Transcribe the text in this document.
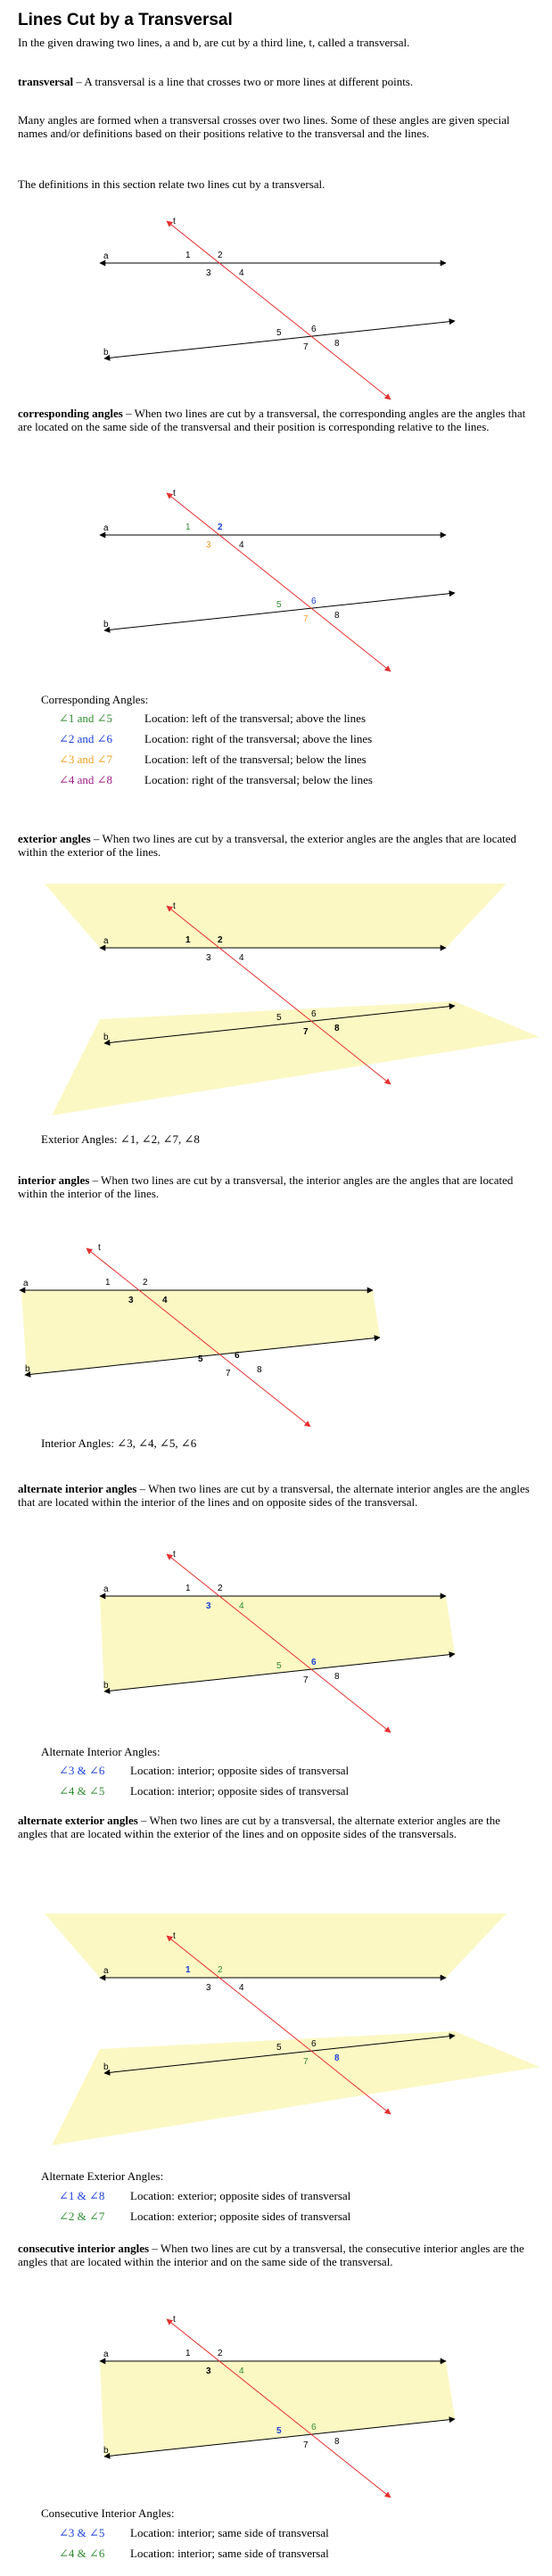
Lines Cut by a Transversal

In the given drawing two lines, a and b, are cut by a third line, t, called a transversal.

transversal – A transversal is a line that crosses two or more lines at different points.

Many angles are formed when a transversal crosses over two lines. Some of these angles are given special names and/or definitions based on their positions relative to the transversal and the lines.

The definitions in this section relate two lines cut by a transversal.

a
b
t
1	2
3	4
5	6
7	8

corresponding angles – When two lines are cut by a transversal, the corresponding angles are the angles that are located on the same side of the transversal and their position is corresponding relative to the lines.

a
b
t
1	2
3	4
5	6
7	8
Corresponding Angles:
∠1 and ∠5	Location: left of the transversal; above the lines
∠2 and ∠6	Location: right of the transversal; above the lines
∠3 and ∠7	Location: left of the transversal; below the lines
∠4 and ∠8	Location: right of the transversal; below the lines

exterior angles – When two lines are cut by a transversal, the exterior angles are the angles that are located within the exterior of the lines.

a
b
t
1	2
3	4
5	6
7	8
Exterior Angles: ∠1, ∠2, ∠7, ∠8

interior angles – When two lines are cut by a transversal, the interior angles are the angles that are located within the interior of the lines.

a
b
t
1	2
3	4
5	6
7	8
Interior Angles: ∠3, ∠4, ∠5, ∠6

alternate interior angles – When two lines are cut by a transversal, the alternate interior angles are the angles that are located within the interior of the lines and on opposite sides of the transversal.

a
b
t
1	2
3	4
5	6
7	8
Alternate Interior Angles:
∠3 & ∠6 Location: interior; opposite sides of transversal
∠4 & ∠5 Location: interior; opposite sides of transversal

alternate exterior angles – When two lines are cut by a transversal, the alternate exterior angles are the angles that are located within the exterior of the lines and on opposite sides of the transversals.

a
b
t
1	2
3	4
5	6
7	8
Alternate Exterior Angles:
∠1 & ∠8 Location: exterior; opposite sides of transversal
∠2 & ∠7 Location: exterior; opposite sides of transversal

consecutive interior angles – When two lines are cut by a transversal, the consecutive interior angles are the angles that are located within the interior and on the same side of the transversal.

a
b
t
1	2
3	4
5	6
7	8
Consecutive Interior Angles:
∠3 & ∠5 Location: interior; same side of transversal
∠4 & ∠6 Location: interior; same side of transversal
